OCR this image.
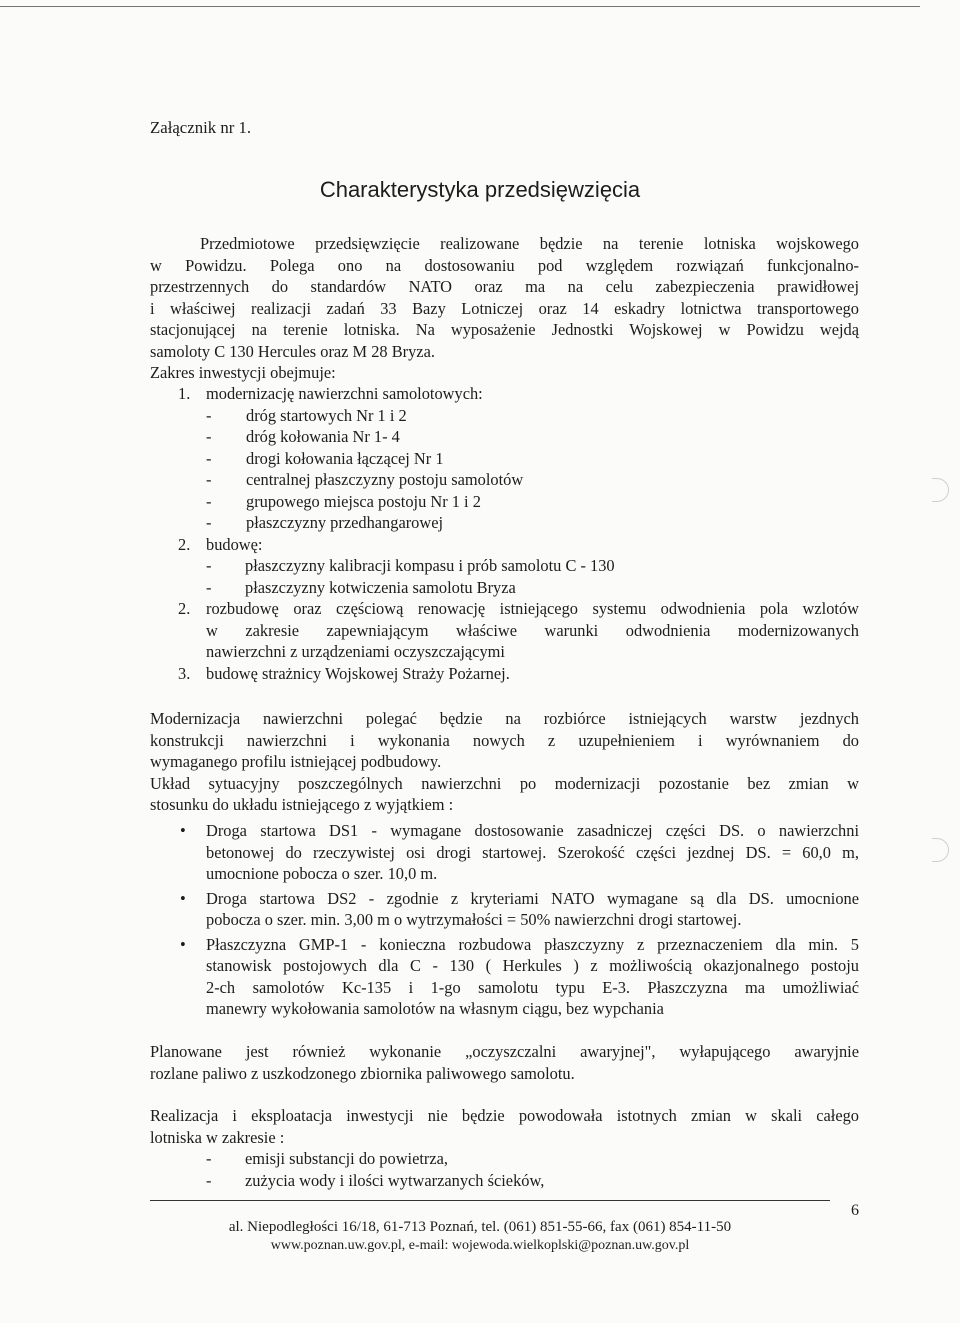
Załącznik nr 1.
Charakterystyka przedsięwzięcia
Przedmiotowe przedsięwzięcie realizowane będzie na terenie lotniska wojskowego
w Powidzu. Polega ono na dostosowaniu pod względem rozwiązań funkcjonalno-
przestrzennych do standardów NATO oraz ma na celu zabezpieczenia prawidłowej
i właściwej realizacji zadań 33 Bazy Lotniczej oraz 14 eskadry lotnictwa transportowego
stacjonującej na terenie lotniska. Na wyposażenie Jednostki Wojskowej w Powidzu wejdą
samoloty C 130 Hercules oraz M 28 Bryza.
Zakres inwestycji obejmuje:
1. modernizację nawierzchni samolotowych:
- dróg startowych Nr 1 i 2
- dróg kołowania Nr 1- 4
- drogi kołowania łączącej Nr 1
- centralnej płaszczyzny postoju samolotów
- grupowego miejsca postoju Nr 1 i 2
- płaszczyzny przedhangarowej
2. budowę:
- płaszczyzny kalibracji kompasu i prób samolotu C - 130
- płaszczyzny kotwiczenia samolotu Bryza
2. rozbudowę oraz częściową renowację istniejącego systemu odwodnienia pola wzlotów
w zakresie zapewniającym właściwe warunki odwodnienia modernizowanych
nawierzchni z urządzeniami oczyszczającymi
3. budowę strażnicy Wojskowej Straży Pożarnej.
Modernizacja nawierzchni polegać będzie na rozbiórce istniejących warstw jezdnych
konstrukcji nawierzchni i wykonania nowych z uzupełnieniem i wyrównaniem do
wymaganego profilu istniejącej podbudowy.
Układ sytuacyjny poszczególnych nawierzchni po modernizacji pozostanie bez zmian w
stosunku do układu istniejącego z wyjątkiem :
• Droga startowa DS1 - wymagane dostosowanie zasadniczej części DS. o nawierzchni
betonowej do rzeczywistej osi drogi startowej. Szerokość części jezdnej DS. = 60,0 m,
umocnione pobocza o szer. 10,0 m.
• Droga startowa DS2 - zgodnie z kryteriami NATO wymagane są dla DS. umocnione
pobocza o szer. min. 3,00 m o wytrzymałości = 50% nawierzchni drogi startowej.
• Płaszczyzna GMP-1 - konieczna rozbudowa płaszczyzny z przeznaczeniem dla min. 5
stanowisk postojowych dla C - 130 ( Herkules ) z możliwością okazjonalnego postoju
2-ch samolotów Kc-135 i 1-go samolotu typu E-3. Płaszczyzna ma umożliwiać
manewry wykołowania samolotów na własnym ciągu, bez wypchania
Planowane jest również wykonanie „oczyszczalni awaryjnej", wyłapującego awaryjnie
rozlane paliwo z uszkodzonego zbiornika paliwowego samolotu.
Realizacja i eksploatacja inwestycji nie będzie powodowała istotnych zmian w skali całego
lotniska w zakresie :
- emisji substancji do powietrza,
- zużycia wody i ilości wytwarzanych ścieków,
6
al. Niepodległości 16/18, 61-713 Poznań, tel. (061) 851-55-66, fax (061) 854-11-50
www.poznan.uw.gov.pl, e-mail: wojewoda.wielkoplski@poznan.uw.gov.pl
